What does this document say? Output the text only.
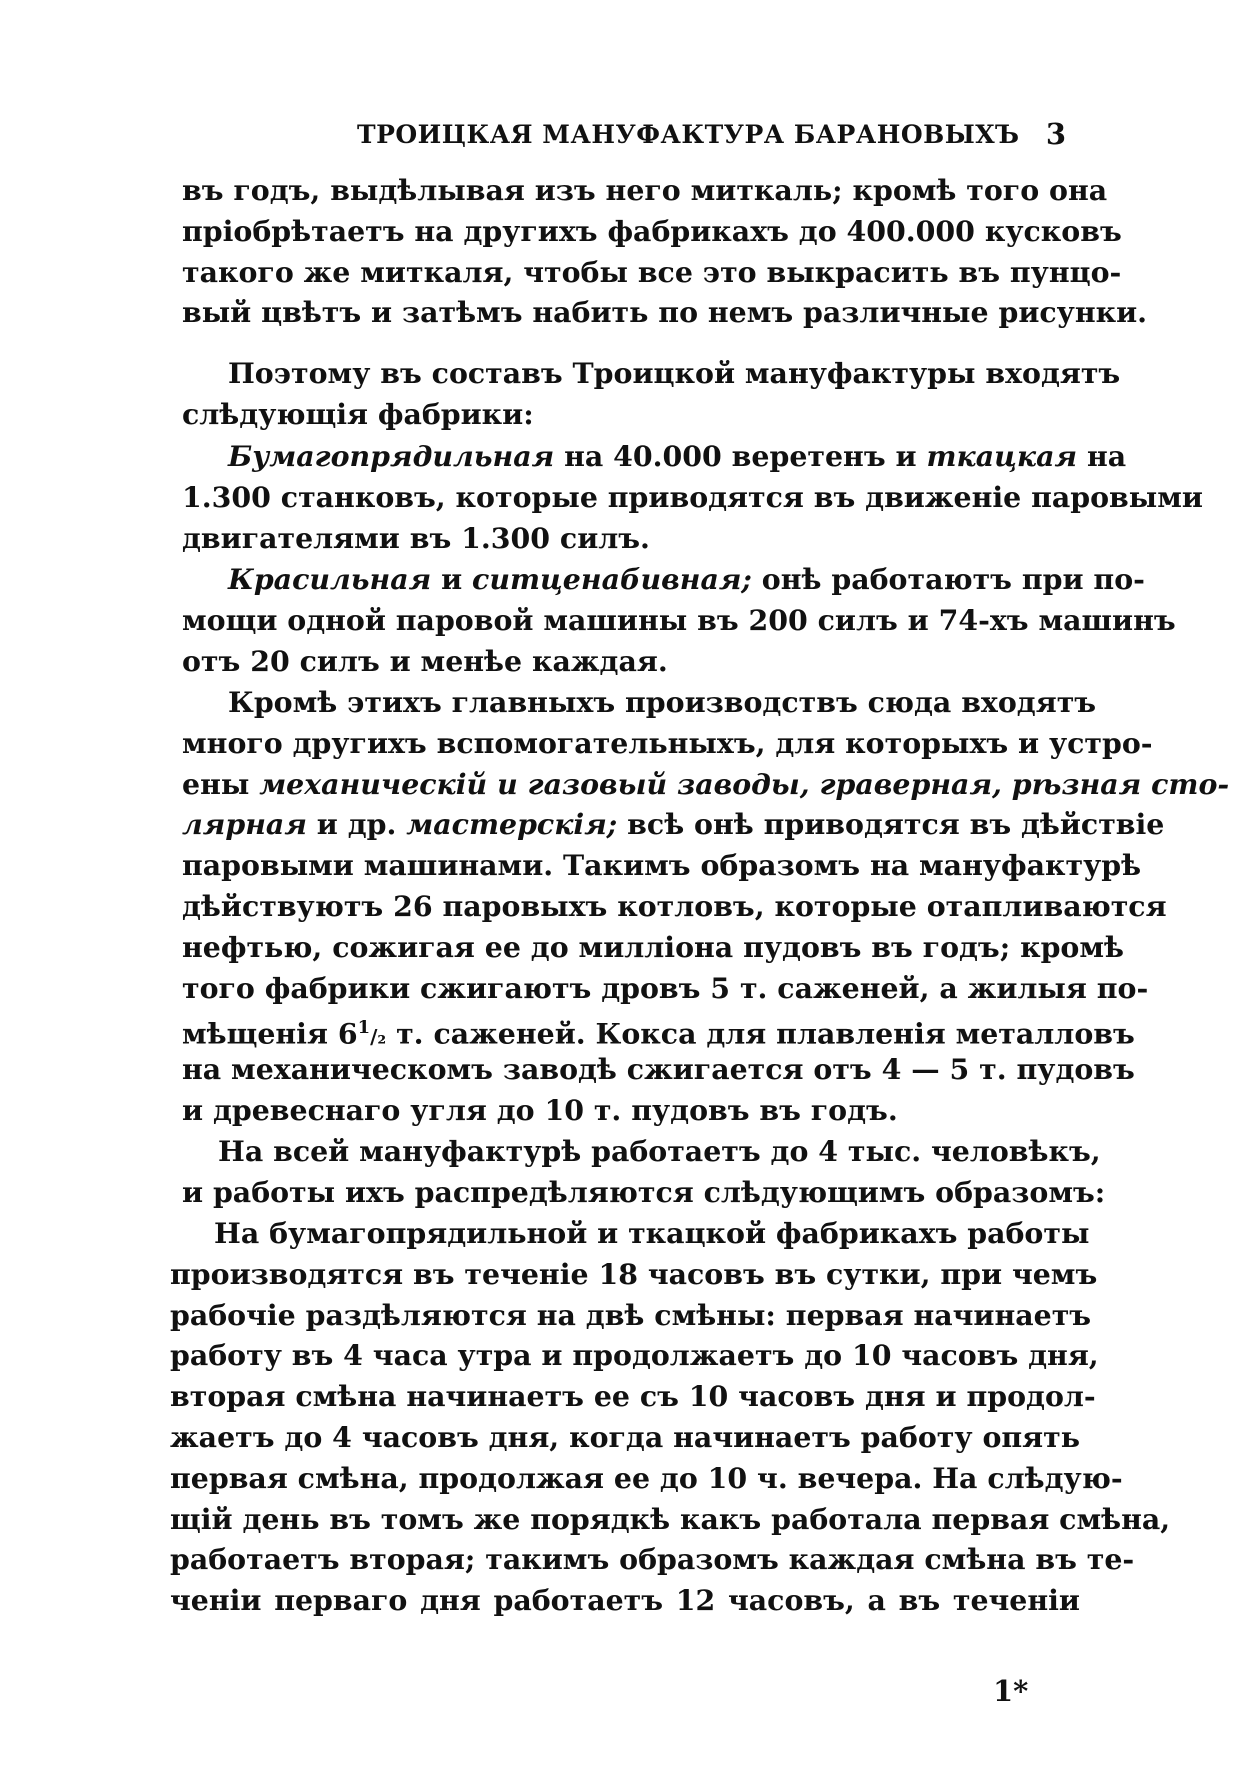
ТРОИЦКАЯ МАНУФАКТУРА БАРАНОВЫХЪ 3
въ годъ, выдѣлывая изъ него миткаль; кромѣ того она
пріобрѣтаетъ на другихъ фабрикахъ до 400.000 кусковъ
такого же миткаля, чтобы все это выкрасить въ пунцо-
вый цвѣтъ и затѣмъ набить по немъ различные рисунки.
Поэтому въ составъ Троицкой мануфактуры входятъ
слѣдующія фабрики:
Бумагопрядильная на 40.000 веретенъ и ткацкая на
1.300 станковъ, которые приводятся въ движеніе паровыми
двигателями въ 1.300 силъ.
Красильная и ситценабивная; онѣ работаютъ при по-
мощи одной паровой машины въ 200 силъ и 74-хъ машинъ
отъ 20 силъ и менѣе каждая.
Кромѣ этихъ главныхъ производствъ сюда входятъ
много другихъ вспомогательныхъ, для которыхъ и устро-
ены механическій и газовый заводы, граверная, рѣзная сто-
лярная и др. мастерскія; всѣ онѣ приводятся въ дѣйствіе
паровыми машинами. Такимъ образомъ на мануфактурѣ
дѣйствуютъ 26 паровыхъ котловъ, которые отапливаются
нефтью, сожигая ее до милліона пудовъ въ годъ; кромѣ
того фабрики сжигаютъ дровъ 5 т. саженей, а жилыя по-
мѣщенія $6^1/_2$ т. саженей. Кокса для плавленія металловъ
на механическомъ заводѣ сжигается отъ 4 — 5 т. пудовъ
и древеснаго угля до 10 т. пудовъ въ годъ.
На всей мануфактурѣ работаетъ до 4 тыс. человѣкъ,
и работы ихъ распредѣляются слѣдующимъ образомъ:
На бумагопрядильной и ткацкой фабрикахъ работы
производятся въ теченіе 18 часовъ въ сутки, при чемъ
рабочіе раздѣляются на двѣ смѣны: первая начинаетъ
работу въ 4 часа утра и продолжаетъ до 10 часовъ дня,
вторая смѣна начинаетъ ее съ 10 часовъ дня и продол-
жаетъ до 4 часовъ дня, когда начинаетъ работу опять
первая смѣна, продолжая ее до 10 ч. вечера. На слѣдую-
щій день въ томъ же порядкѣ какъ работала первая смѣна,
работаетъ вторая; такимъ образомъ каждая смѣна въ те-
ченіи перваго дня работаетъ 12 часовъ, а въ теченіи
1*
